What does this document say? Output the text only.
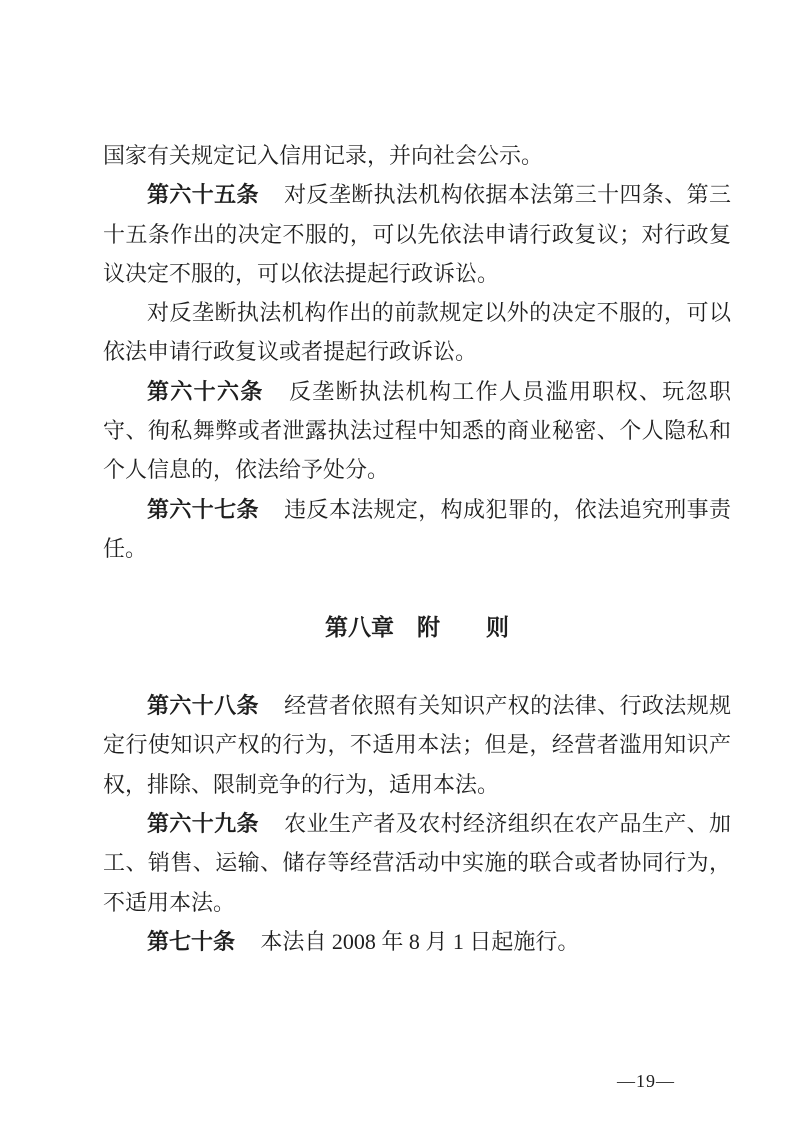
国家有关规定记入信用记录，并向社会公示。

第六十五条 对反垄断执法机构依据本法第三十四条、第三十五条作出的决定不服的，可以先依法申请行政复议；对行政复议决定不服的，可以依法提起行政诉讼。

对反垄断执法机构作出的前款规定以外的决定不服的，可以依法申请行政复议或者提起行政诉讼。

第六十六条 反垄断执法机构工作人员滥用职权、玩忽职守、徇私舞弊或者泄露执法过程中知悉的商业秘密、个人隐私和个人信息的，依法给予处分。

第六十七条 违反本法规定，构成犯罪的，依法追究刑事责任。

第八章　附　　则

第六十八条 经营者依照有关知识产权的法律、行政法规规定行使知识产权的行为，不适用本法；但是，经营者滥用知识产权，排除、限制竞争的行为，适用本法。

第六十九条 农业生产者及农村经济组织在农产品生产、加工、销售、运输、储存等经营活动中实施的联合或者协同行为，不适用本法。

第七十条 本法自 2008 年 8 月 1 日起施行。

—19—
